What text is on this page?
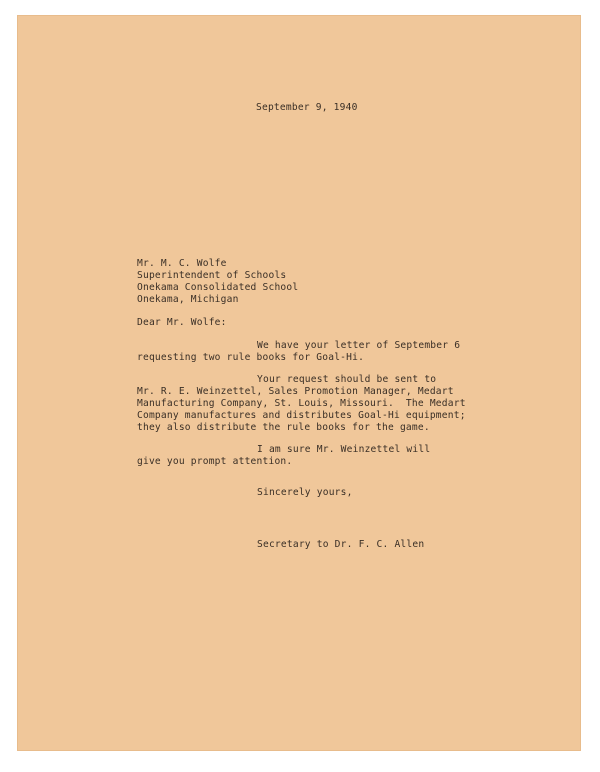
September 9, 1940

Mr. M. C. Wolfe

Superintendent of Schools

Onekama Consolidated School

Onekama, Michigan

Dear Mr. Wolfe:

We have your letter of September 6

requesting two rule books for Goal-Hi.

Your request should be sent to

Mr. R. E. Weinzettel, Sales Promotion Manager, Medart

Manufacturing Company, St. Louis, Missouri.  The Medart

Company manufactures and distributes Goal-Hi equipment;

they also distribute the rule books for the game.

I am sure Mr. Weinzettel will

give you prompt attention.

Sincerely yours,

Secretary to Dr. F. C. Allen
